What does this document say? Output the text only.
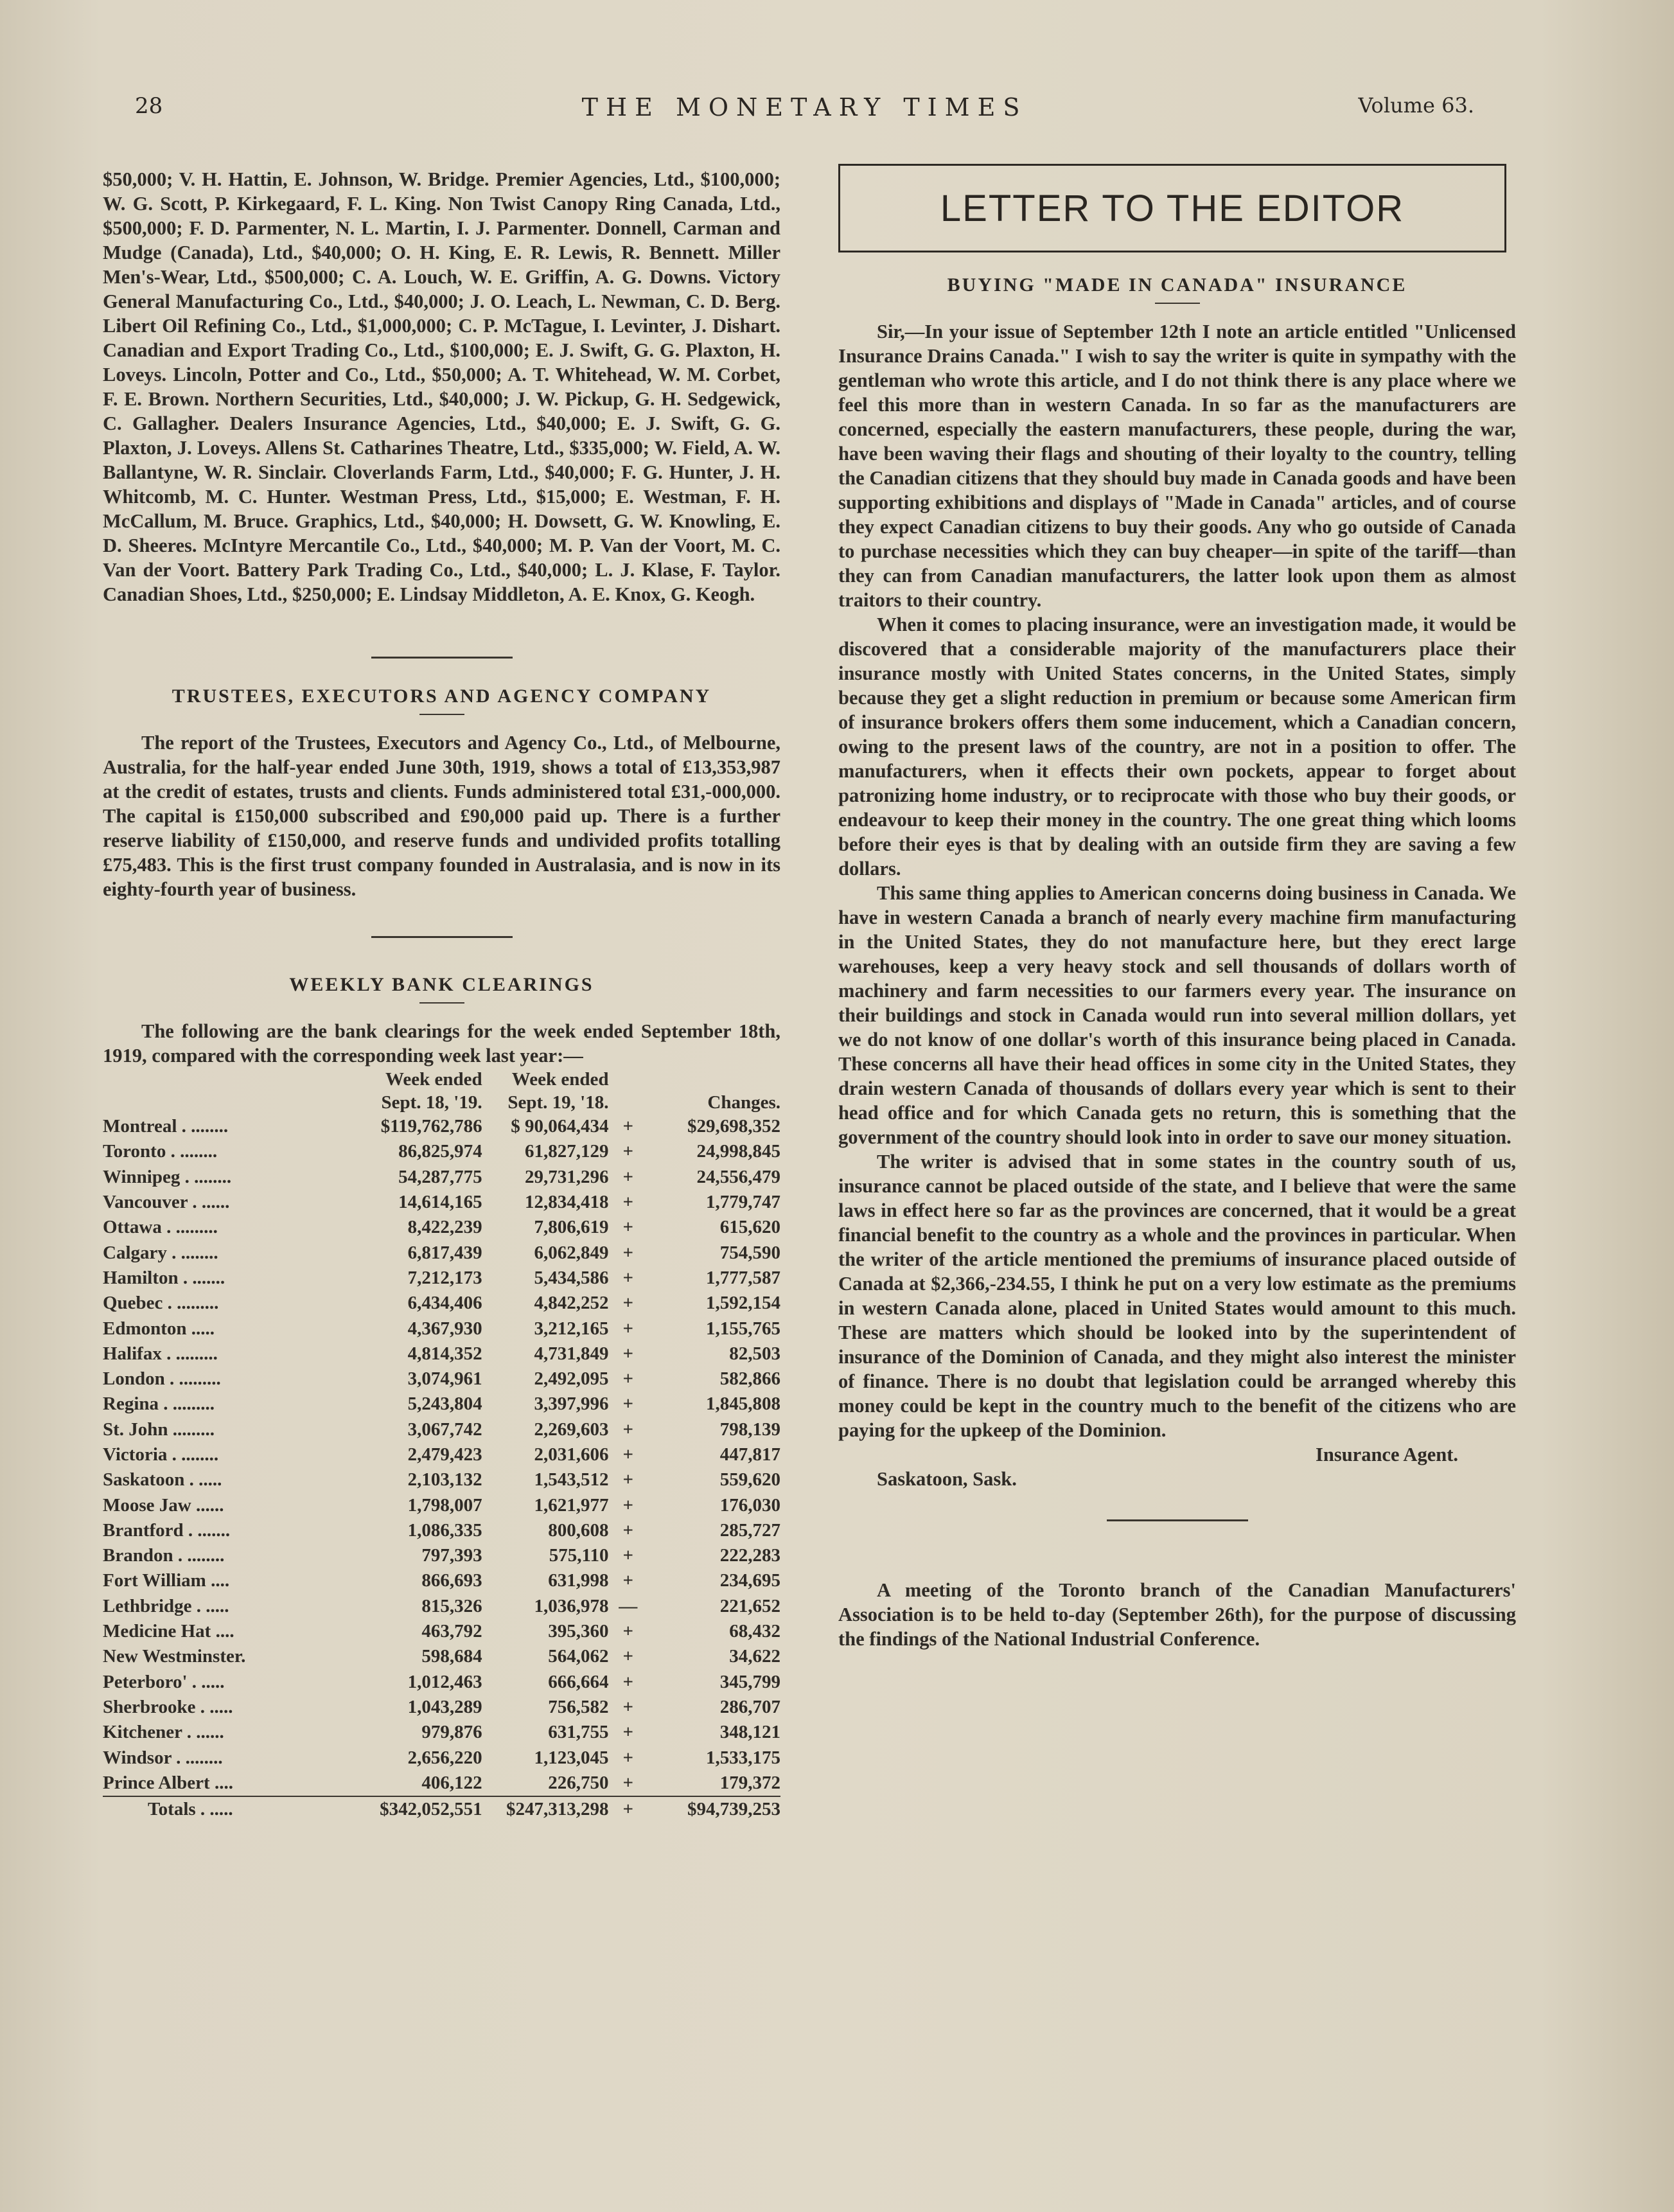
28	THE MONETARY TIMES	Volume 63.

$50,000; V. H. Hattin, E. Johnson, W. Bridge. Premier Agencies, Ltd., $100,000; W. G. Scott, P. Kirkegaard, F. L. King. Non Twist Canopy Ring Canada, Ltd., $500,000; F. D. Parmenter, N. L. Martin, I. J. Parmenter. Donnell, Carman and Mudge (Canada), Ltd., $40,000; O. H. King, E. R. Lewis, R. Bennett. Miller Men's-Wear, Ltd., $500,000; C. A. Louch, W. E. Griffin, A. G. Downs. Victory General Manufacturing Co., Ltd., $40,000; J. O. Leach, L. Newman, C. D. Berg. Libert Oil Refining Co., Ltd., $1,000,000; C. P. McTague, I. Levinter, J. Dishart. Canadian and Export Trading Co., Ltd., $100,000; E. J. Swift, G. G. Plaxton, H. Loveys. Lincoln, Potter and Co., Ltd., $50,000; A. T. Whitehead, W. M. Corbet, F. E. Brown. Northern Securities, Ltd., $40,000; J. W. Pickup, G. H. Sedgewick, C. Gallagher. Dealers Insurance Agencies, Ltd., $40,000; E. J. Swift, G. G. Plaxton, J. Loveys. Allens St. Catharines Theatre, Ltd., $335,000; W. Field, A. W. Ballantyne, W. R. Sinclair. Cloverlands Farm, Ltd., $40,000; F. G. Hunter, J. H. Whitcomb, M. C. Hunter. Westman Press, Ltd., $15,000; E. Westman, F. H. McCallum, M. Bruce. Graphics, Ltd., $40,000; H. Dowsett, G. W. Knowling, E. D. Sheeres. McIntyre Mercantile Co., Ltd., $40,000; M. P. Van der Voort, M. C. Van der Voort. Battery Park Trading Co., Ltd., $40,000; L. J. Klase, F. Taylor. Canadian Shoes, Ltd., $250,000; E. Lindsay Middleton, A. E. Knox, G. Keogh.

TRUSTEES, EXECUTORS AND AGENCY COMPANY

The report of the Trustees, Executors and Agency Co., Ltd., of Melbourne, Australia, for the half-year ended June 30th, 1919, shows a total of £13,353,987 at the credit of estates, trusts and clients. Funds administered total £31,-000,000. The capital is £150,000 subscribed and £90,000 paid up. There is a further reserve liability of £150,000, and reserve funds and undivided profits totalling £75,483. This is the first trust company founded in Australasia, and is now in its eighty-fourth year of business.

WEEKLY BANK CLEARINGS

The following are the bank clearings for the week ended September 18th, 1919, compared with the corresponding week last year:—

	Week ended	Week ended		
	Sept. 18, '19.	Sept. 19, '18.		Changes.
Montreal . ........	$119,762,786	$ 90,064,434	+	$29,698,352
Toronto . ........	86,825,974	61,827,129	+	24,998,845
Winnipeg . ........	54,287,775	29,731,296	+	24,556,479
Vancouver . ......	14,614,165	12,834,418	+	1,779,747
Ottawa . .........	8,422,239	7,806,619	+	615,620
Calgary . ........	6,817,439	6,062,849	+	754,590
Hamilton . .......	7,212,173	5,434,586	+	1,777,587
Quebec . .........	6,434,406	4,842,252	+	1,592,154
Edmonton .....	4,367,930	3,212,165	+	1,155,765
Halifax . .........	4,814,352	4,731,849	+	82,503
London . .........	3,074,961	2,492,095	+	582,866
Regina . .........	5,243,804	3,397,996	+	1,845,808
St. John .........	3,067,742	2,269,603	+	798,139
Victoria . ........	2,479,423	2,031,606	+	447,817
Saskatoon . .....	2,103,132	1,543,512	+	559,620
Moose Jaw ......	1,798,007	1,621,977	+	176,030
Brantford . .......	1,086,335	800,608	+	285,727
Brandon . ........	797,393	575,110	+	222,283
Fort William ....	866,693	631,998	+	234,695
Lethbridge . .....	815,326	1,036,978	—	221,652
Medicine Hat ....	463,792	395,360	+	68,432
New Westminster.	598,684	564,062	+	34,622
Peterboro' . .....	1,012,463	666,664	+	345,799
Sherbrooke . .....	1,043,289	756,582	+	286,707
Kitchener . ......	979,876	631,755	+	348,121
Windsor . ........	2,656,220	1,123,045	+	1,533,175
Prince Albert ....	406,122	226,750	+	179,372
Totals . .....	$342,052,551	$247,313,298	+	$94,739,253
LETTER TO THE EDITOR
BUYING "MADE IN CANADA" INSURANCE

Sir,—In your issue of September 12th I note an article entitled "Unlicensed Insurance Drains Canada." I wish to say the writer is quite in sympathy with the gentleman who wrote this article, and I do not think there is any place where we feel this more than in western Canada. In so far as the manufacturers are concerned, especially the eastern manufacturers, these people, during the war, have been waving their flags and shouting of their loyalty to the country, telling the Canadian citizens that they should buy made in Canada goods and have been supporting exhibitions and displays of "Made in Canada" articles, and of course they expect Canadian citizens to buy their goods. Any who go outside of Canada to purchase necessities which they can buy cheaper—in spite of the tariff—than they can from Canadian manufacturers, the latter look upon them as almost traitors to their country.

When it comes to placing insurance, were an investigation made, it would be discovered that a considerable majority of the manufacturers place their insurance mostly with United States concerns, in the United States, simply because they get a slight reduction in premium or because some American firm of insurance brokers offers them some inducement, which a Canadian concern, owing to the present laws of the country, are not in a position to offer. The manufacturers, when it effects their own pockets, appear to forget about patronizing home industry, or to reciprocate with those who buy their goods, or endeavour to keep their money in the country. The one great thing which looms before their eyes is that by dealing with an outside firm they are saving a few dollars.

This same thing applies to American concerns doing business in Canada. We have in western Canada a branch of nearly every machine firm manufacturing in the United States, they do not manufacture here, but they erect large warehouses, keep a very heavy stock and sell thousands of dollars worth of machinery and farm necessities to our farmers every year. The insurance on their buildings and stock in Canada would run into several million dollars, yet we do not know of one dollar's worth of this insurance being placed in Canada. These concerns all have their head offices in some city in the United States, they drain western Canada of thousands of dollars every year which is sent to their head office and for which Canada gets no return, this is something that the government of the country should look into in order to save our money situation.

The writer is advised that in some states in the country south of us, insurance cannot be placed outside of the state, and I believe that were the same laws in effect here so far as the provinces are concerned, that it would be a great financial benefit to the country as a whole and the provinces in particular. When the writer of the article mentioned the premiums of insurance placed outside of Canada at $2,366,-234.55, I think he put on a very low estimate as the premiums in western Canada alone, placed in United States would amount to this much. These are matters which should be looked into by the superintendent of insurance of the Dominion of Canada, and they might also interest the minister of finance. There is no doubt that legislation could be arranged whereby this money could be kept in the country much to the benefit of the citizens who are paying for the upkeep of the Dominion.

Insurance Agent.

Saskatoon, Sask.

A meeting of the Toronto branch of the Canadian Manufacturers' Association is to be held to-day (September 26th), for the purpose of discussing the findings of the National Industrial Conference.
